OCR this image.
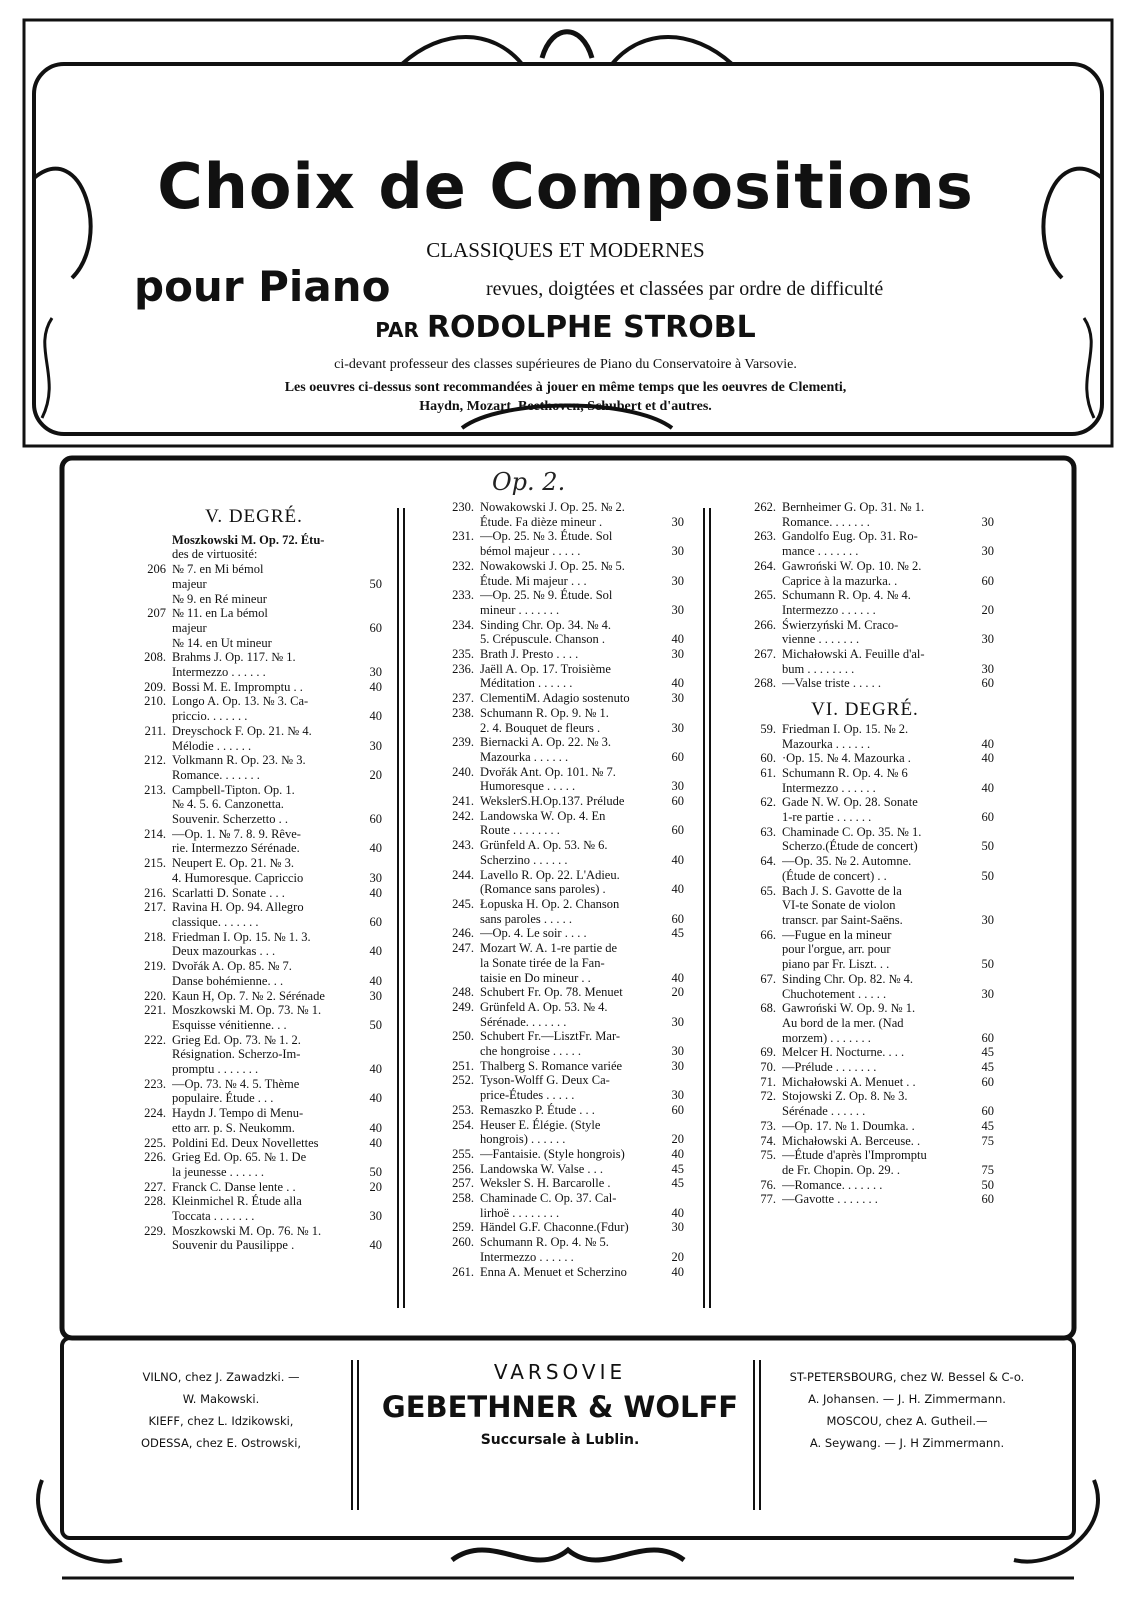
Choix de Compositions
CLASSIQUES ET MODERNES
pour Piano	revues, doigtées et classées par ordre de difficulté
PAR RODOLPHE STROBL
ci-devant professeur des classes supérieures de Piano du Conservatoire à Varsovie.
Les oeuvres ci-dessus sont recommandées à jouer en même temps que les oeuvres de Clementi,
Haydn, Mozart, Beethoven, Schubert et d'autres.
Op. 2.
V. DEGRÉ.
Moszkowski M. Op. 72. Étu-
des de virtuosité:
206 № 7. en Mi bémol
majeur	50
№ 9. en Ré mineur
207 № 11. en La bémol
majeur	60
№ 14. en Ut mineur
208. Brahms J. Op. 117. № 1.
Intermezzo . . . . . .	30
209. Bossi M. E. Impromptu . .	40
210. Longo A. Op. 13. № 3. Ca-
priccio. . . . . . .	40
211. Dreyschock F. Op. 21. № 4.
Mélodie . . . . . .	30
212. Volkmann R. Op. 23. № 3.
Romance. . . . . . .	20
213. Campbell-Tipton. Op. 1.
№ 4. 5. 6. Canzonetta.
Souvenir. Scherzetto . .	60
214. —Op. 1. № 7. 8. 9. Rêve-
rie. Intermezzo Sérénade.	40
215. Neupert E. Op. 21. № 3.
4. Humoresque. Capriccio	30
216. Scarlatti D. Sonate . . .	40
217. Ravina H. Op. 94. Allegro
classique. . . . . . .	60
218. Friedman I. Op. 15. № 1. 3.
Deux mazourkas . . .	40
219. Dvořák A. Op. 85. № 7.
Danse bohémienne. . .	40
220. Kaun H, Op. 7. № 2. Sérénade	30
221. Moszkowski M. Op. 73. № 1.
Esquisse vénitienne. . .	50
222. Grieg Ed. Op. 73. № 1. 2.
Résignation. Scherzo-Im-
promptu . . . . . . .	40
223. —Op. 73. № 4. 5. Thème
populaire. Étude . . .	40
224. Haydn J. Tempo di Menu-
etto arr. p. S. Neukomm.	40
225. Poldini Ed. Deux Novellettes	40
226. Grieg Ed. Op. 65. № 1. De
la jeunesse . . . . . .	50
227. Franck C. Danse lente . .	20
228. Kleinmichel R. Étude alla
Toccata . . . . . . .	30
229. Moszkowski M. Op. 76. № 1.
Souvenir du Pausilippe .	40
230. Nowakowski J. Op. 25. № 2.
Étude. Fa dièze mineur .	30
231. —Op. 25. № 3. Étude. Sol
bémol majeur . . . . .	30
232. Nowakowski J. Op. 25. № 5.
Étude. Mi majeur . . .	30
233. —Op. 25. № 9. Étude. Sol
mineur . . . . . . .	30
234. Sinding Chr. Op. 34. № 4.
5. Crépuscule. Chanson .	40
235. Brath J. Presto . . . .	30
236. Jaëll A. Op. 17. Troisième
Méditation . . . . . .	40
237. ClementiM. Adagio sostenuto	30
238. Schumann R. Op. 9. № 1.
2. 4. Bouquet de fleurs .	30
239. Biernacki A. Op. 22. № 3.
Mazourka . . . . . .	60
240. Dvořák Ant. Op. 101. № 7.
Humoresque . . . . .	30
241. WekslerS.H.Op.137. Prélude	60
242. Landowska W. Op. 4. En
Route . . . . . . . .	60
243. Grünfeld A. Op. 53. № 6.
Scherzino . . . . . .	40
244. Lavello R. Op. 22. L'Adieu.
(Romance sans paroles) .	40
245. Łopuska H. Op. 2. Chanson
sans paroles . . . . .	60
246. —Op. 4. Le soir . . . .	45
247. Mozart W. A. 1-re partie de
la Sonate tirée de la Fan-
taisie en Do mineur . .	40
248. Schubert Fr. Op. 78. Menuet	20
249. Grünfeld A. Op. 53. № 4.
Sérénade. . . . . . .	30
250. Schubert Fr.—LisztFr. Mar-
che hongroise . . . . .	30
251. Thalberg S. Romance variée	30
252. Tyson-Wolff G. Deux Ca-
price-Études . . . . .	30
253. Remaszko P. Étude . . .	60
254. Heuser E. Élégie. (Style
hongrois) . . . . . .	20
255. —Fantaisie. (Style hongrois)	40
256. Landowska W. Valse . . .	45
257. Weksler S. H. Barcarolle .	45
258. Chaminade C. Op. 37. Cal-
lirhoë . . . . . . . .	40
259. Händel G.F. Chaconne.(Fdur)	30
260. Schumann R. Op. 4. № 5.
Intermezzo . . . . . .	20
261. Enna A. Menuet et Scherzino	40
262. Bernheimer G. Op. 31. № 1.
Romance. . . . . . .	30
263. Gandolfo Eug. Op. 31. Ro-
mance . . . . . . .	30
264. Gawroński W. Op. 10. № 2.
Caprice à la mazurka. .	60
265. Schumann R. Op. 4. № 4.
Intermezzo . . . . . .	20
266. Świerzyński M. Craco-
vienne . . . . . . .	30
267. Michałowski A. Feuille d'al-
bum . . . . . . . .	30
268. —Valse triste . . . . .	60
VI. DEGRÉ.
59. Friedman I. Op. 15. № 2.
Mazourka . . . . . .	40
60. ·Op. 15. № 4. Mazourka .	40
61. Schumann R. Op. 4. № 6
Intermezzo . . . . . .	40
62. Gade N. W. Op. 28. Sonate
1-re partie . . . . . .	60
63. Chaminade C. Op. 35. № 1.
Scherzo.(Étude de concert)	50
64. —Op. 35. № 2. Automne.
(Étude de concert) . .	50
65. Bach J. S. Gavotte de la
VI-te Sonate de violon
transcr. par Saint-Saëns.	30
66. —Fugue en la mineur
pour l'orgue, arr. pour
piano par Fr. Liszt. . .	50
67. Sinding Chr. Op. 82. № 4.
Chuchotement . . . . .	30
68. Gawroński W. Op. 9. № 1.
Au bord de la mer. (Nad
morzem) . . . . . . .	60
69. Melcer H. Nocturne. . . .	45
70. —Prélude . . . . . . .	45
71. Michałowski A. Menuet . .	60
72. Stojowski Z. Op. 8. № 3.
Sérénade . . . . . .	60
73. —Op. 17. № 1. Doumka. .	45
74. Michałowski A. Berceuse. .	75
75. —Étude d'après l'Impromptu
de Fr. Chopin. Op. 29. .	75
76. —Romance. . . . . . .	50
77. —Gavotte . . . . . . .	60
VILNO, chez J. Zawadzki. —
W. Makowski.
KIEFF, chez L. Idzikowski,
ODESSA, chez E. Ostrowski,
VARSOVIE
GEBETHNER & WOLFF
Succursale à Lublin.
ST-PETERSBOURG, chez W. Bessel & C-o.
A. Johansen. — J. H. Zimmermann.
MOSCOU, chez A. Gutheil.—
A. Seywang. — J. H Zimmermann.
